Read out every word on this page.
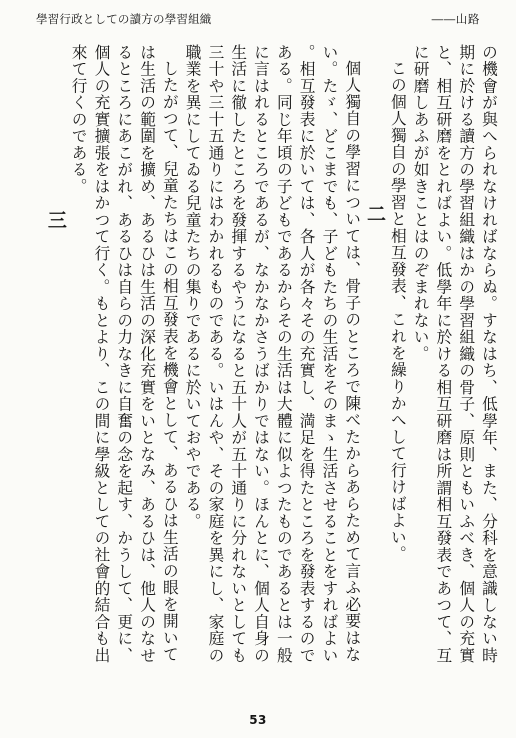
學習行政としての讀方の學習組織	――山路

の機會が與へられなければならぬ。すなはち、低學年、また、分科を意識しない時期に於ける讀方の學習組織はかの學習組織の骨子、原則ともいふべき、個人の充實と、相互研磨をとればよい。低學年に於ける相互研磨は所謂相互發表であつて、互に研磨しあふが如きことはのぞまれない。

この個人獨自の學習と相互發表、これを繰りかへして行けばよい。

二

個人獨自の學習については、骨子のところで陳べたからあらためて言ふ必要はない。たゞ、どこまでも、子どもたちの生活をそのまゝ生活させることをすればよい。相互發表に於いては、各人が各々その充實し、満足を得たところを發表するのである。同じ年頃の子どもであるからその生活は大體に似よつたものであるとは一般に言はれるところであるが、なかなかさうばかりではない。ほんとに、個人自身の生活に徹したところを發揮するやうになると五十人が五十通りに分れないとしても三十や三十五通りにはわかれるものである。いはんや、その家庭を異にし、家庭の職業を異にしてゐる兒童たちの集りであるに於いておやである。

したがつて、兒童たちはこの相互發表を機會として、あるひは生活の眼を開いては生活の範圍を擴め、あるひは生活の深化充實をいとなみ、あるひは、他人のなせるところにあこがれ、あるひは自らの力なきに自奮の念を起す、かうして、更に、個人の充實擴張をはかつて行く。もとより、この間に學級としての社會的結合も出來て行くのである。

三
53
